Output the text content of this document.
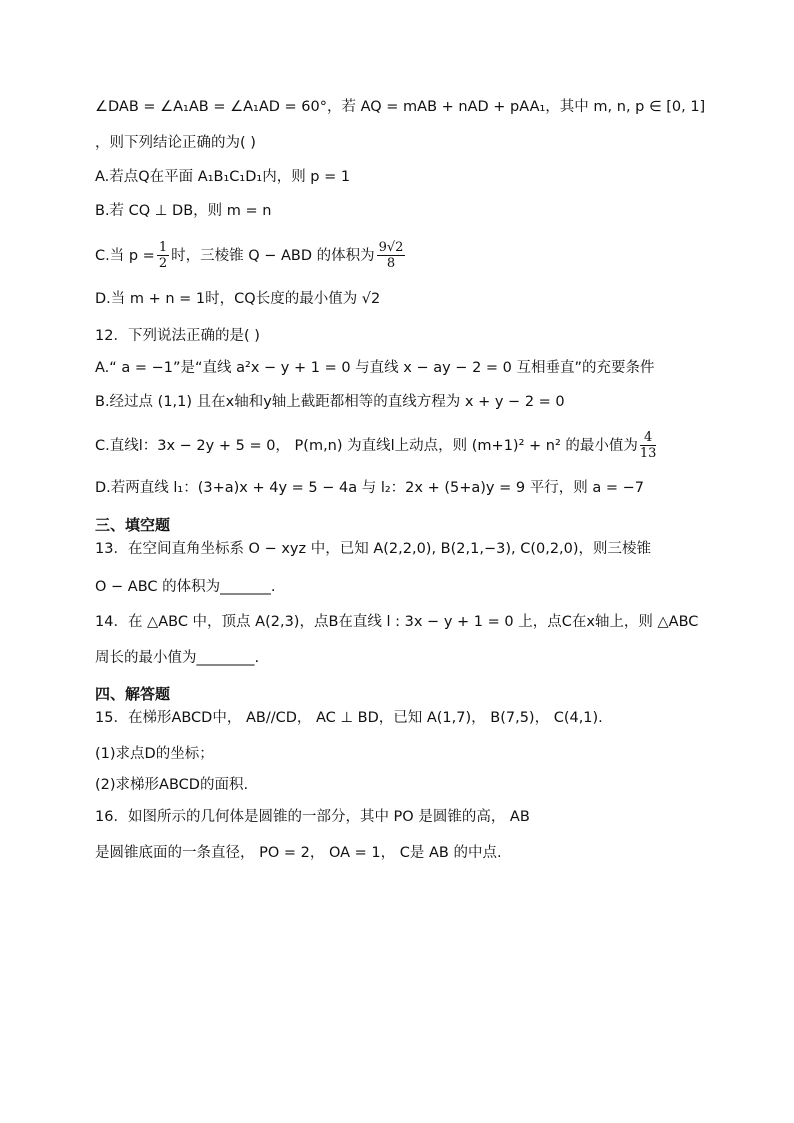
∠DAB = ∠A₁AB = ∠A₁AD = 60°，若 AQ = mAB + nAD + pAA₁，其中 m, n, p ∈ [0, 1]
，则下列结论正确的为( )
A.若点Q在平面 A₁B₁C₁D₁内，则 p = 1
B.若 CQ ⊥ DB，则 m = n
C.当 $p = \frac{1}{2}$ 时，三棱锥 Q − ABD 的体积为 $\frac{9√2}{8}$
D.当 m + n = 1时，CQ长度的最小值为 √2
12．下列说法正确的是( )
A.“ a = −1”是“直线 a²x − y + 1 = 0 与直线 x − ay − 2 = 0 互相垂直”的充要条件
B.经过点 (1,1) 且在x轴和y轴上截距都相等的直线方程为 x + y − 2 = 0
C.直线l：3x − 2y + 5 = 0， P(m,n) 为直线l上动点，则 (m+1)² + n² 的最小值为 $\frac{4}{13}$
D.若两直线 l₁：(3+a)x + 4y = 5 − 4a 与 l₂：2x + (5+a)y = 9 平行，则 a = −7
三、填空题
13．在空间直角坐标系 O − xyz 中，已知 A(2,2,0), B(2,1,−3), C(0,2,0)，则三棱锥
O − ABC 的体积为_______.
14．在 △ABC 中，顶点 A(2,3)，点B在直线 l : 3x − y + 1 = 0 上，点C在x轴上，则 △ABC
周长的最小值为________.
四、解答题
15．在梯形ABCD中， AB//CD， AC ⊥ BD，已知 A(1,7)， B(7,5)， C(4,1).
(1)求点D的坐标；
(2)求梯形ABCD的面积.
16．如图所示的几何体是圆锥的一部分，其中 PO 是圆锥的高， AB
是圆锥底面的一条直径， PO = 2， OA = 1， C是 AB 的中点.
